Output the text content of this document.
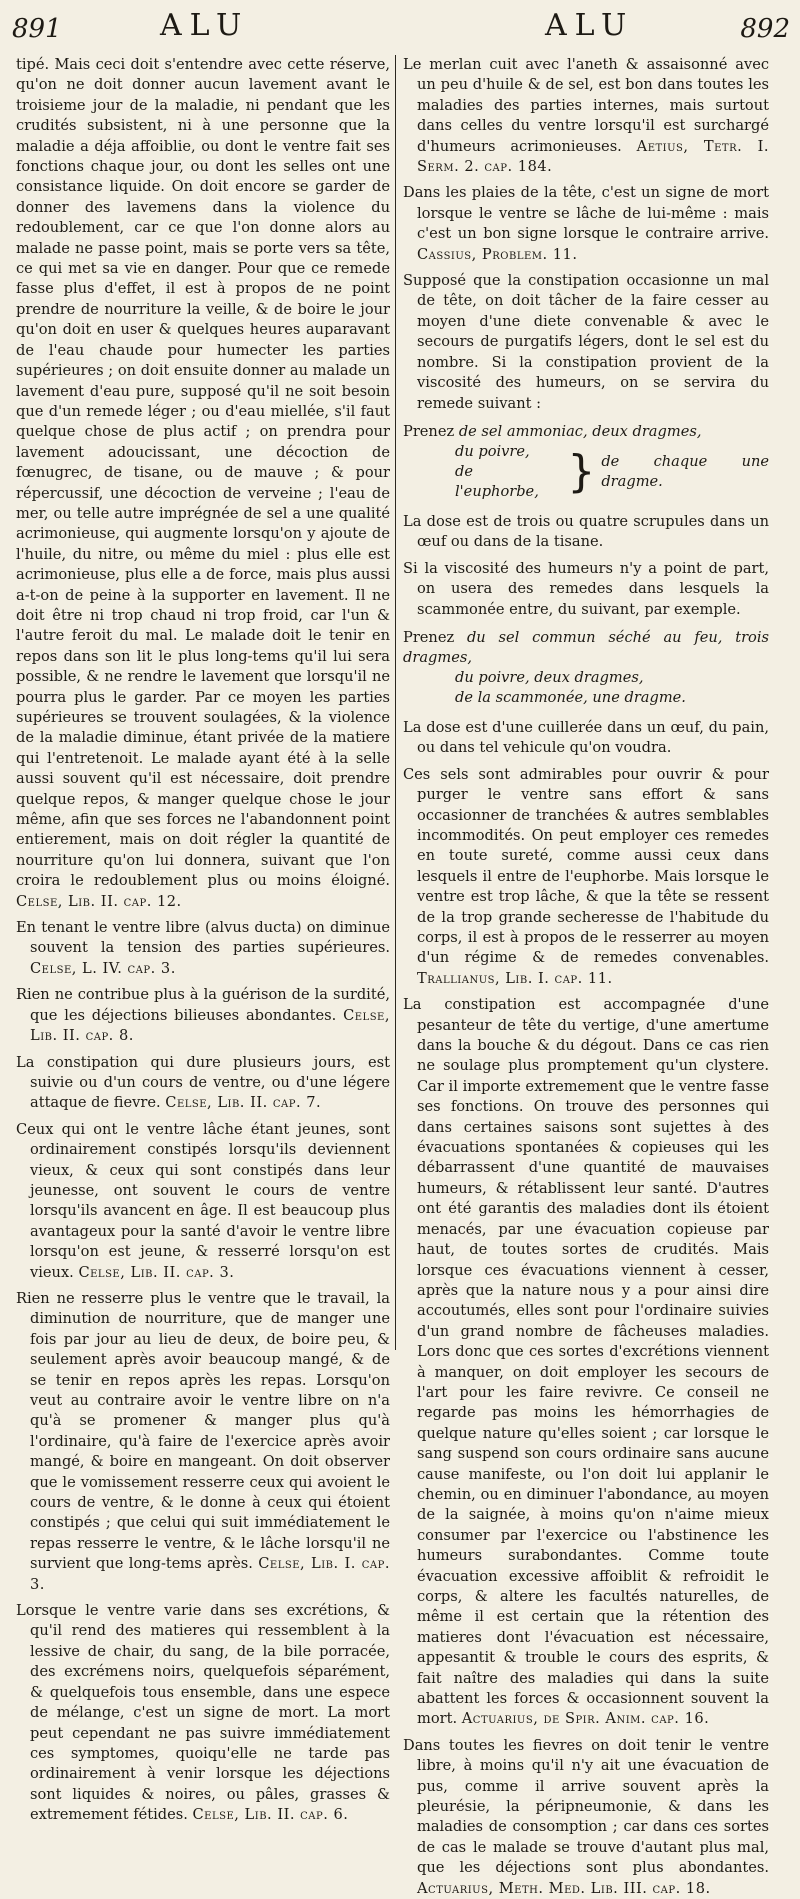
891	ALU	ALU	892

tipé. Mais ceci doit s'entendre avec cette réserve, qu'on ne doit donner aucun lavement avant le troisieme jour de la maladie, ni pendant que les crudités subsistent, ni à une personne que la maladie a déja affoiblie, ou dont le ventre fait ses fonctions chaque jour, ou dont les selles ont une consistance liquide. On doit encore se garder de donner des lavemens dans la violence du redoublement, car ce que l'on donne alors au malade ne passe point, mais se porte vers sa tête, ce qui met sa vie en danger. Pour que ce remede fasse plus d'effet, il est à propos de ne point prendre de nourriture la veille, & de boire le jour qu'on doit en user & quelques heures auparavant de l'eau chaude pour humecter les parties supérieures ; on doit ensuite donner au malade un lavement d'eau pure, supposé qu'il ne soit besoin que d'un remede léger ; ou d'eau miellée, s'il faut quelque chose de plus actif ; on prendra pour lavement adoucissant, une décoction de fœnugrec, de tisane, ou de mauve ; & pour répercussif, une décoction de verveine ; l'eau de mer, ou telle autre imprégnée de sel a une qualité acrimonieuse, qui augmente lorsqu'on y ajoute de l'huile, du nitre, ou même du miel : plus elle est acrimonieuse, plus elle a de force, mais plus aussi a-t-on de peine à la supporter en lavement. Il ne doit être ni trop chaud ni trop froid, car l'un & l'autre feroit du mal. Le malade doit le tenir en repos dans son lit le plus long-tems qu'il lui sera possible, & ne rendre le lavement que lorsqu'il ne pourra plus le garder. Par ce moyen les parties supérieures se trouvent soulagées, & la violence de la maladie diminue, étant privée de la matiere qui l'entretenoit. Le malade ayant été à la selle aussi souvent qu'il est nécessaire, doit prendre quelque repos, & manger quelque chose le jour même, afin que ses forces ne l'abandonnent point entierement, mais on doit régler la quantité de nourriture qu'on lui donnera, suivant que l'on croira le redoublement plus ou moins éloigné. Celse, Lib. II. cap. 12.

En tenant le ventre libre (alvus ducta) on diminue souvent la tension des parties supérieures. Celse, L. IV. cap. 3.

Rien ne contribue plus à la guérison de la surdité, que les déjections bilieuses abondantes. Celse, Lib. II. cap. 8.

La constipation qui dure plusieurs jours, est suivie ou d'un cours de ventre, ou d'une légere attaque de fievre. Celse, Lib. II. cap. 7.

Ceux qui ont le ventre lâche étant jeunes, sont ordinairement constipés lorsqu'ils deviennent vieux, & ceux qui sont constipés dans leur jeunesse, ont souvent le cours de ventre lorsqu'ils avancent en âge. Il est beaucoup plus avantageux pour la santé d'avoir le ventre libre lorsqu'on est jeune, & resserré lorsqu'on est vieux. Celse, Lib. II. cap. 3.

Rien ne resserre plus le ventre que le travail, la diminution de nourriture, que de manger une fois par jour au lieu de deux, de boire peu, & seulement après avoir beaucoup mangé, & de se tenir en repos après les repas. Lorsqu'on veut au contraire avoir le ventre libre on n'a qu'à se promener & manger plus qu'à l'ordinaire, qu'à faire de l'exercice après avoir mangé, & boire en mangeant. On doit observer que le vomissement resserre ceux qui avoient le cours de ventre, & le donne à ceux qui étoient constipés ; que celui qui suit immédiatement le repas resserre le ventre, & le lâche lorsqu'il ne survient que long-tems après. Celse, Lib. I. cap. 3.

Lorsque le ventre varie dans ses excrétions, & qu'il rend des matieres qui ressemblent à la lessive de chair, du sang, de la bile porracée, des excrémens noirs, quelquefois séparément, & quelquefois tous ensemble, dans une espece de mélange, c'est un signe de mort. La mort peut cependant ne pas suivre immédiatement ces symptomes, quoiqu'elle ne tarde pas ordinairement à venir lorsque les déjections sont liquides & noires, ou pâles, grasses & extremement fétides. Celse, Lib. II. cap. 6.

Le merlan cuit avec l'aneth & assaisonné avec un peu d'huile & de sel, est bon dans toutes les maladies des parties internes, mais surtout dans celles du ventre lorsqu'il est surchargé d'humeurs acrimonieuses. Aetius, Tetr. I. Serm. 2. cap. 184.

Dans les plaies de la tête, c'est un signe de mort lorsque le ventre se lâche de lui-même : mais c'est un bon signe lorsque le contraire arrive. Cassius, Problem. 11.

Supposé que la constipation occasionne un mal de tête, on doit tâcher de la faire cesser au moyen d'une diete convenable & avec le secours de purgatifs légers, dont le sel est du nombre. Si la constipation provient de la viscosité des humeurs, on se servira du remede suivant :

Prenez de sel ammoniac, deux dragmes,
du poivre,
de l'euphorbe, } de chaque une dragme.

La dose est de trois ou quatre scrupules dans un œuf ou dans de la tisane.

Si la viscosité des humeurs n'y a point de part, on usera des remedes dans lesquels la scammonée entre, du suivant, par exemple.

Prenez du sel commun séché au feu, trois dragmes,
du poivre, deux dragmes,
de la scammonée, une dragme.

La dose est d'une cuillerée dans un œuf, du pain, ou dans tel vehicule qu'on voudra.

Ces sels sont admirables pour ouvrir & pour purger le ventre sans effort & sans occasionner de tranchées & autres semblables incommodités. On peut employer ces remedes en toute sureté, comme aussi ceux dans lesquels il entre de l'euphorbe. Mais lorsque le ventre est trop lâche, & que la tête se ressent de la trop grande secheresse de l'habitude du corps, il est à propos de le resserrer au moyen d'un régime & de remedes convenables. Trallianus, Lib. I. cap. 11.

La constipation est accompagnée d'une pesanteur de tête du vertige, d'une amertume dans la bouche & du dégout. Dans ce cas rien ne soulage plus promptement qu'un clystere. Car il importe extremement que le ventre fasse ses fonctions. On trouve des personnes qui dans certaines saisons sont sujettes à des évacuations spontanées & copieuses qui les débarrassent d'une quantité de mauvaises humeurs, & rétablissent leur santé. D'autres ont été garantis des maladies dont ils étoient menacés, par une évacuation copieuse par haut, de toutes sortes de crudités. Mais lorsque ces évacuations viennent à cesser, après que la nature nous y a pour ainsi dire accoutumés, elles sont pour l'ordinaire suivies d'un grand nombre de fâcheuses maladies. Lors donc que ces sortes d'excrétions viennent à manquer, on doit employer les secours de l'art pour les faire revivre. Ce conseil ne regarde pas moins les hémorrhagies de quelque nature qu'elles soient ; car lorsque le sang suspend son cours ordinaire sans aucune cause manifeste, ou l'on doit lui applanir le chemin, ou en diminuer l'abondance, au moyen de la saignée, à moins qu'on n'aime mieux consumer par l'exercice ou l'abstinence les humeurs surabondantes. Comme toute évacuation excessive affoiblit & refroidit le corps, & altere les facultés naturelles, de même il est certain que la rétention des matieres dont l'évacuation est nécessaire, appesantit & trouble le cours des esprits, & fait naître des maladies qui dans la suite abattent les forces & occasionnent souvent la mort. Actuarius, de Spir. Anim. cap. 16.

Dans toutes les fievres on doit tenir le ventre libre, à moins qu'il n'y ait une évacuation de pus, comme il arrive souvent après la pleurésie, la péripneumonie, & dans les maladies de consomption ; car dans ces sortes de cas le malade se trouve d'autant plus mal, que les déjections sont plus abondantes. Actuarius, Meth. Med. Lib. III. cap. 18.
